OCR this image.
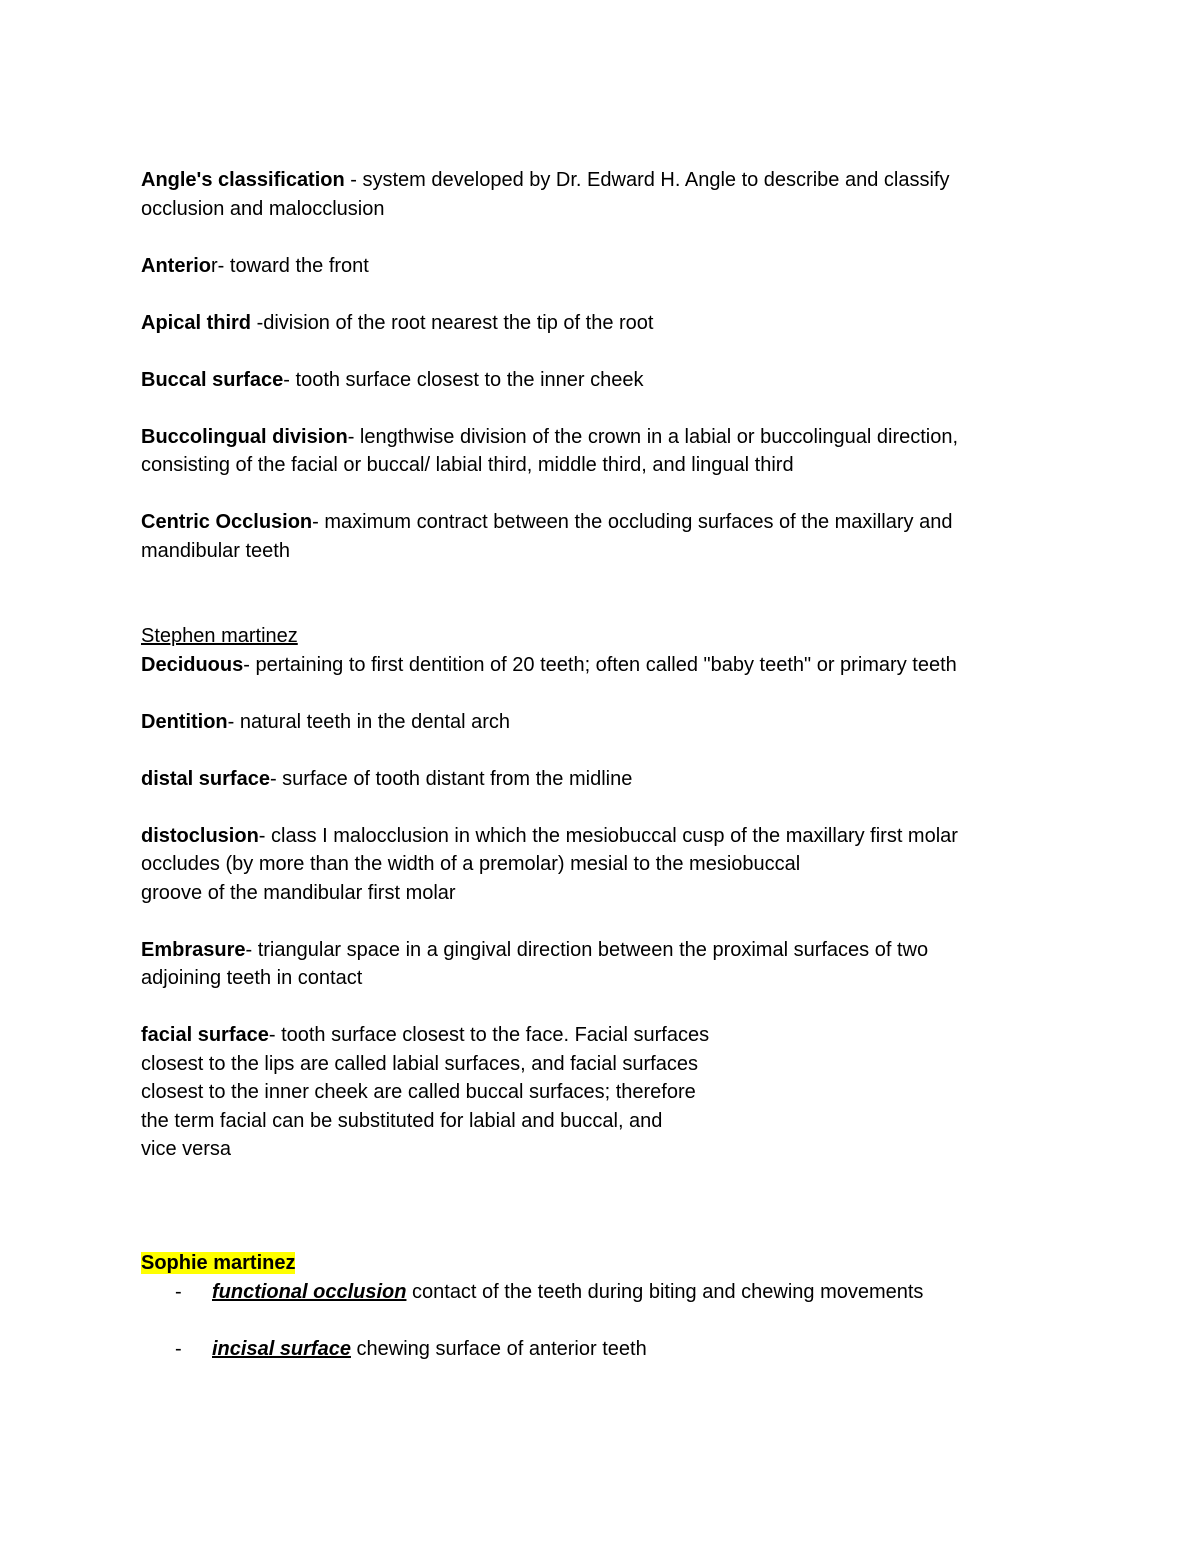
Angle's classification - system developed by Dr. Edward H. Angle to describe and classify
occlusion and malocclusion
Anterior- toward the front
Apical third -division of the root nearest the tip of the root
Buccal surface- tooth surface closest to the inner cheek
Buccolingual division- lengthwise division of the crown in a labial or buccolingual direction,
consisting of the facial or buccal/ labial third, middle third, and lingual third
Centric Occlusion- maximum contract between the occluding surfaces of the maxillary and
mandibular teeth
Stephen martinez
Deciduous- pertaining to first dentition of 20 teeth; often called "baby teeth" or primary teeth
Dentition- natural teeth in the dental arch
distal surface- surface of tooth distant from the midline
distoclusion- class I malocclusion in which the mesiobuccal cusp of the maxillary first molar
occludes (by more than the width of a premolar) mesial to the mesiobuccal
groove of the mandibular first molar
Embrasure- triangular space in a gingival direction between the proximal surfaces of two
adjoining teeth in contact
facial surface- tooth surface closest to the face. Facial surfaces
closest to the lips are called labial surfaces, and facial surfaces
closest to the inner cheek are called buccal surfaces; therefore
the term facial can be substituted for labial and buccal, and
vice versa
Sophie martinez
- functional occlusion contact of the teeth during biting and chewing movements
- incisal surface chewing surface of anterior teeth
